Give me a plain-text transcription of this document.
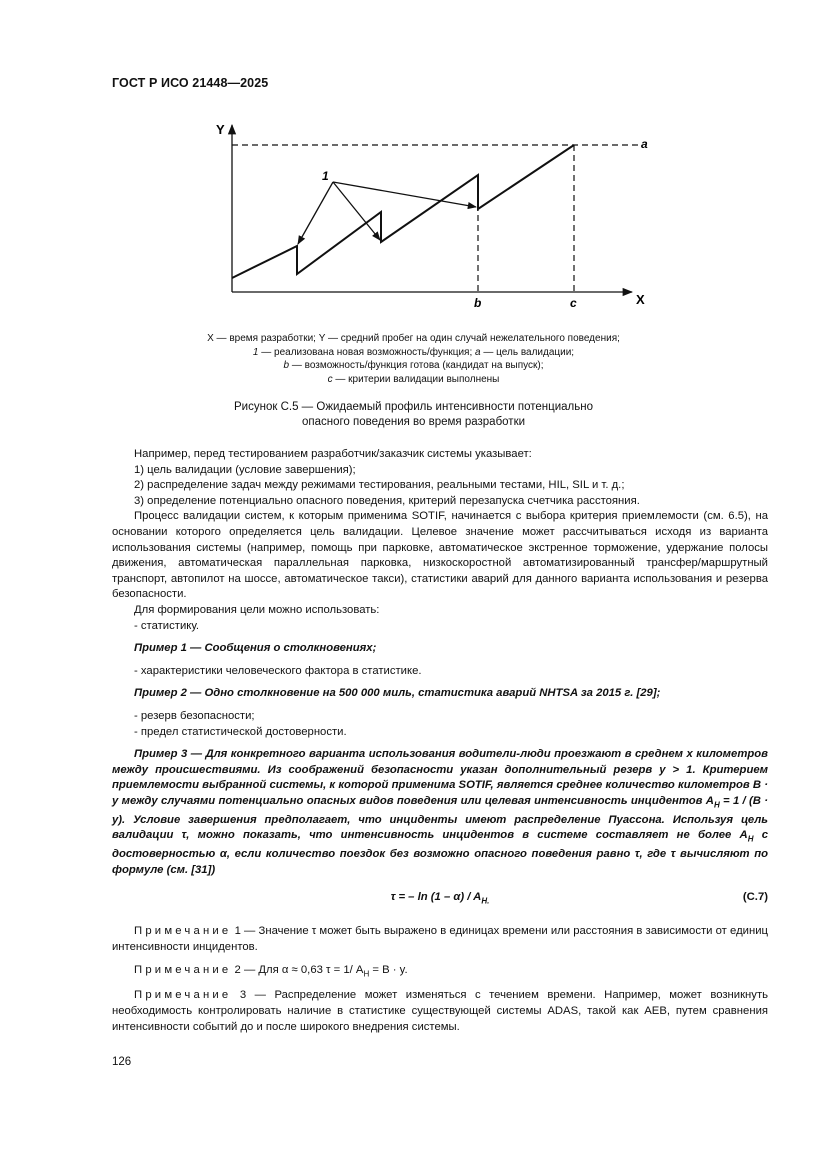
ГОСТ Р ИСО 21448—2025
Y
X
1
a
b	c
X — время разработки; Y — средний пробег на один случай нежелательного поведения;
1 — реализована новая возможность/функция; a — цель валидации;
b — возможность/функция готова (кандидат на выпуск);
c — критерии валидации выполнены
Рисунок С.5 — Ожидаемый профиль интенсивности потенциально
опасного поведения во время разработки

Например, перед тестированием разработчик/заказчик системы указывает:

1) цель валидации (условие завершения);

2) распределение задач между режимами тестирования, реальными тестами, HIL, SIL и т. д.;

3) определение потенциально опасного поведения, критерий перезапуска счетчика расстояния.

Процесс валидации систем, к которым применима SOTIF, начинается с выбора критерия приемлемости (см. 6.5), на основании которого определяется цель валидации. Целевое значение может рассчитываться исходя из варианта использования системы (например, помощь при парковке, автоматическое экстренное торможение, удержание полосы движения, автоматическая параллельная парковка, низкоскоростной автоматизированный трансфер/маршрутный транспорт, автопилот на шоссе, автоматическое такси), статистики аварий для данного варианта использования и резерва безопасности.

Для формирования цели можно использовать:

- статистику.

Пример 1 — Сообщения о столкновениях;

- характеристики человеческого фактора в статистике.

Пример 2 — Одно столкновение на 500 000 миль, статистика аварий NHTSA за 2015 г. [29];

- резерв безопасности;

- предел статистической достоверности.

Пример 3 — Для конкретного варианта использования водители-люди проезжают в среднем x километров между происшествиями. Из соображений безопасности указан дополнительный резерв y > 1. Критерием приемлемости выбранной системы, к которой применима SOTIF, является среднее количество километров B · y между случаями потенциально опасных видов поведения или целевая интенсивность инцидентов $A_H = 1 / (B \cdot y)$. Условие завершения предполагает, что инциденты имеют распределение Пуассона. Используя цель валидации τ, можно показать, что интенсивность инцидентов в системе составляет не более $A_H$ с достоверностью α, если количество поездок без возможно опасного поведения равно τ, где τ вычисляют по формуле (см. [31])

τ = – $\ln (1 - \alpha) / A_{H.}$	(C.7)

Примечание 1 — Значение τ может быть выражено в единицах времени или расстояния в зависимости от единиц интенсивности инцидентов.

Примечание 2 — Для α ≈ 0,63 τ = 1/ $A_H = B \cdot y$.

Примечание 3 — Распределение может изменяться с течением времени. Например, может возникнуть необходимость контролировать наличие в статистике существующей системы ADAS, такой как AEB, путем сравнения интенсивности событий до и после широкого внедрения системы.

126
